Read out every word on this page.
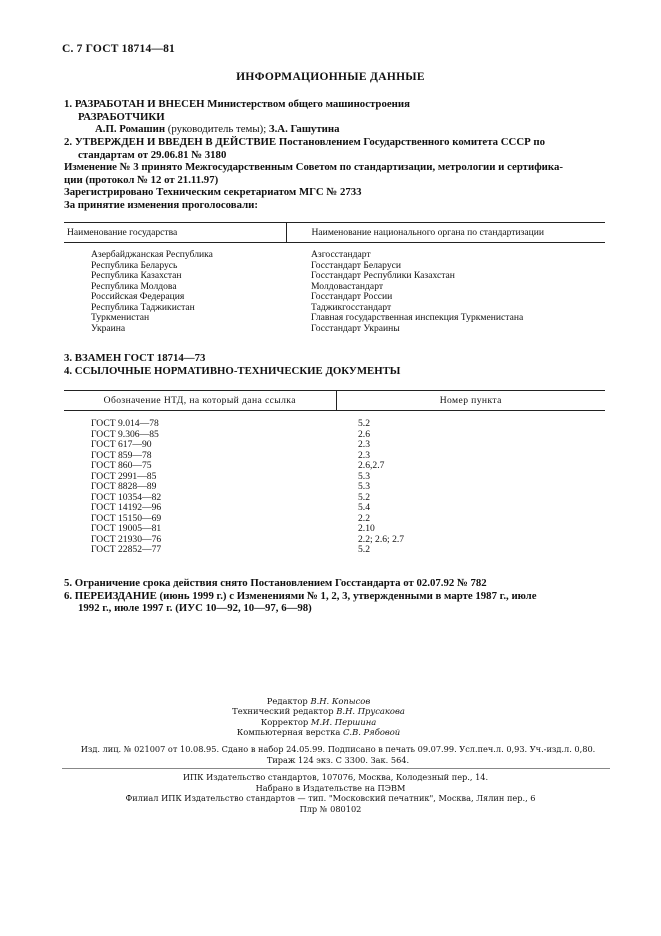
С. 7 ГОСТ 18714—81
ИНФОРМАЦИОННЫЕ ДАННЫЕ
1. РАЗРАБОТАН И ВНЕСЕН Министерством общего машиностроения
РАЗРАБОТЧИКИ
А.П. Ромашин (руководитель темы); З.А. Гашутина
2. УТВЕРЖДЕН И ВВЕДЕН В ДЕЙСТВИЕ Постановлением Государственного комитета СССР по
стандартам от 29.06.81 № 3180
Изменение № 3 принято Межгосударственным Советом по стандартизации, метрологии и сертифика-
ции (протокол № 12 от 21.11.97)
Зарегистрировано Техническим секретариатом МГС № 2733
За принятие изменения проголосовали:
Наименование государства	Наименование национального органа по стандартизации

Азербайджанская Республика	Азгосстандарт
Республика Беларусь	Госстандарт Беларуси
Республика Казахстан	Госстандарт Республики Казахстан
Республика Молдова	Молдовастандарт
Российская Федерация	Госстандарт России
Республика Таджикистан	Таджикгосстандарт
Туркменистан	Главная государственная инспекция Туркменистана
Украина	Госстандарт Украины
3. ВЗАМЕН ГОСТ 18714—73
4. ССЫЛОЧНЫЕ НОРМАТИВНО-ТЕХНИЧЕСКИЕ ДОКУМЕНТЫ
Обозначение НТД, на который дана ссылка	Номер пункта

ГОСТ 9.014—78	5.2
ГОСТ 9.306—85	2.6
ГОСТ 617—90	2.3
ГОСТ 859—78	2.3
ГОСТ 860—75	2.6,2.7
ГОСТ 2991—85	5.3
ГОСТ 8828—89	5.3
ГОСТ 10354—82	5.2
ГОСТ 14192—96	5.4
ГОСТ 15150—69	2.2
ГОСТ 19005—81	2.10
ГОСТ 21930—76	2.2; 2.6; 2.7
ГОСТ 22852—77	5.2
5. Ограничение срока действия снято Постановлением Госстандарта от 02.07.92 № 782
6. ПЕРЕИЗДАНИЕ (июнь 1999 г.) с Изменениями № 1, 2, 3, утвержденными в марте 1987 г., июле
1992 г., июле 1997 г. (ИУС 10—92, 10—97, 6—98)
Редактор В.Н. Копысов
Технический редактор В.Н. Прусакова
Корректор М.И. Першина
Компьютерная верстка С.В. Рябовой
Изд. лиц. № 021007 от 10.08.95. Сдано в набор 24.05.99. Подписано в печать 09.07.99. Усл.печ.л. 0,93. Уч.-изд.л. 0,80.
Тираж 124 экз. С 3300. Зак. 564.
ИПК Издательство стандартов, 107076, Москва, Колодезный пер., 14.
Набрано в Издательстве на ПЭВМ
Филиал ИПК Издательство стандартов — тип. "Московский печатник", Москва, Лялин пер., 6
Плр № 080102
